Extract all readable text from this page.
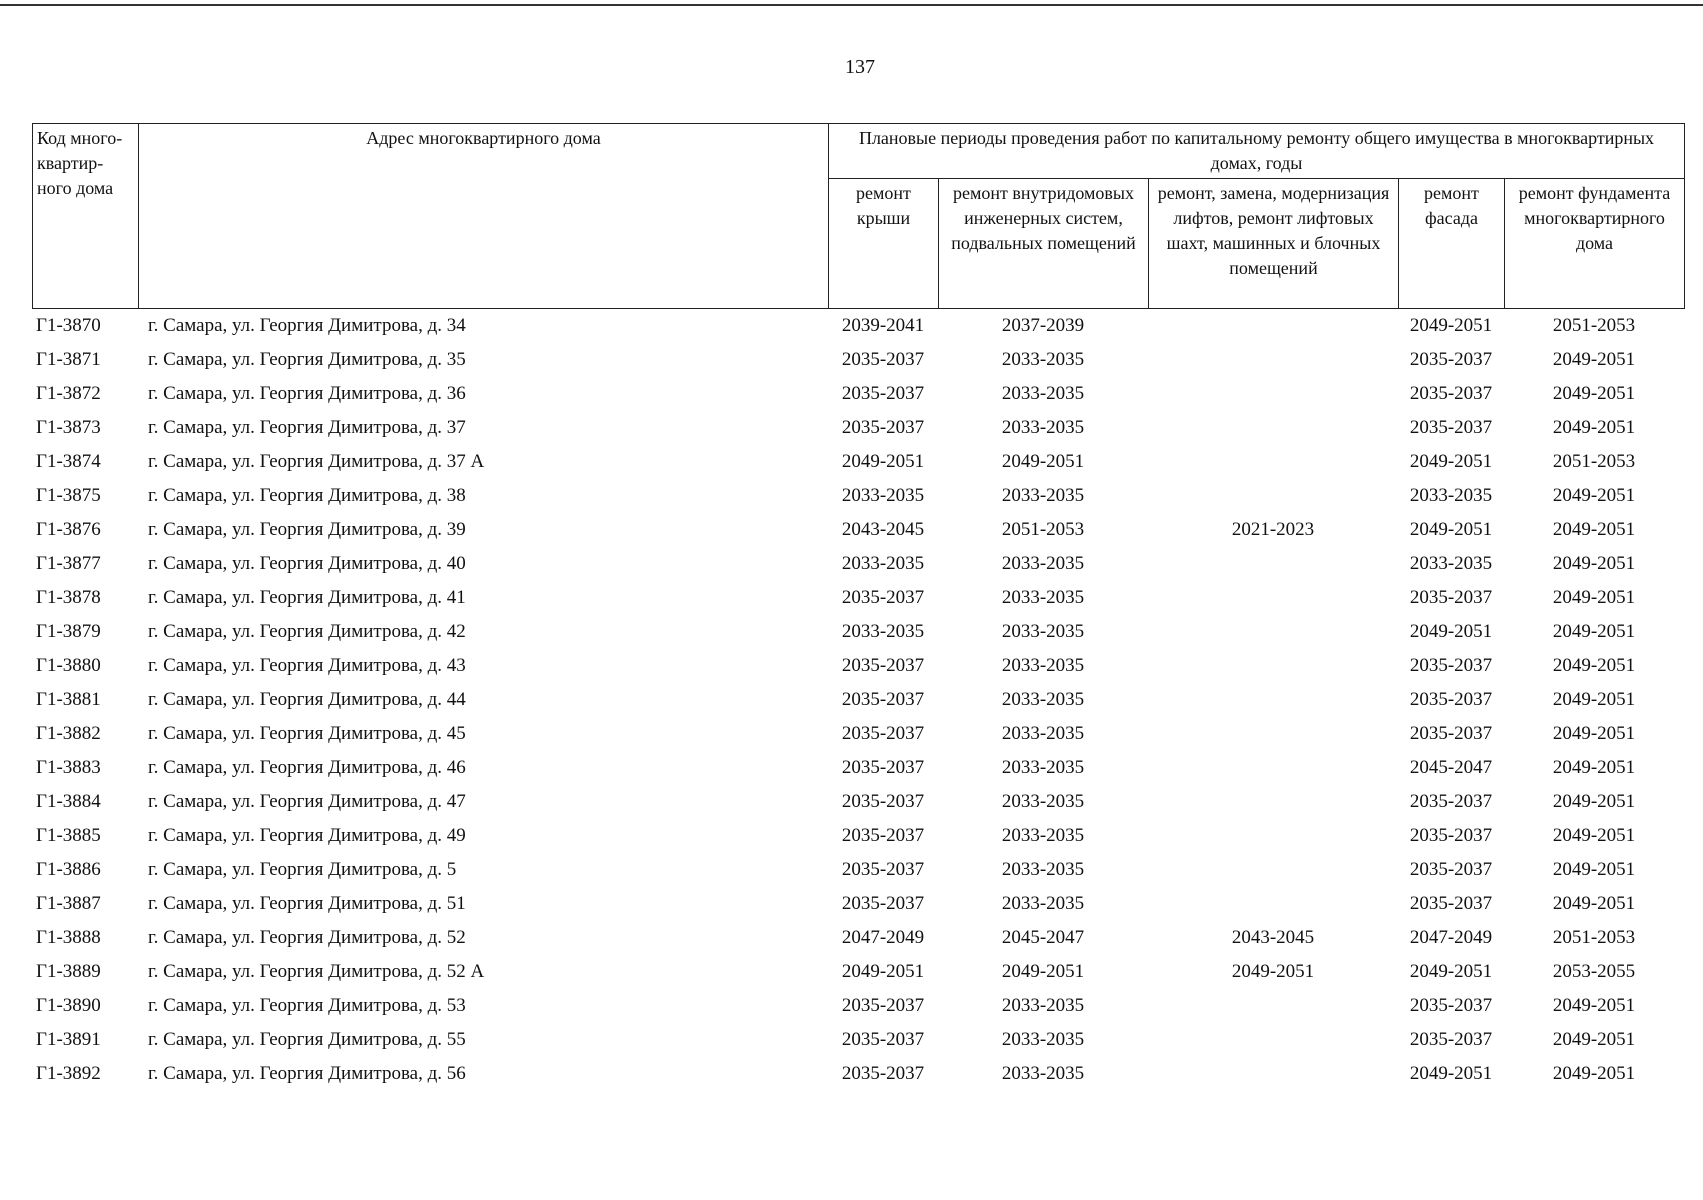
137
Код много-квартир-ного дома	Адрес многоквартирного дома	Плановые периоды проведения работ по капитальному ремонту общего имущества в многоквартирных домах, годы				
		ремонт крыши	ремонт внутридомовых инженерных систем, подвальных помещений	ремонт, замена, модернизация лифтов, ремонт лифтовых шахт, машинных и блочных помещений	ремонт фасада	ремонт фундамента многоквартирного дома
Г1-3870	г. Самара, ул. Георгия Димитрова, д. 34	2039-2041	2037-2039		2049-2051	2051-2053
Г1-3871	г. Самара, ул. Георгия Димитрова, д. 35	2035-2037	2033-2035		2035-2037	2049-2051
Г1-3872	г. Самара, ул. Георгия Димитрова, д. 36	2035-2037	2033-2035		2035-2037	2049-2051
Г1-3873	г. Самара, ул. Георгия Димитрова, д. 37	2035-2037	2033-2035		2035-2037	2049-2051
Г1-3874	г. Самара, ул. Георгия Димитрова, д. 37 А	2049-2051	2049-2051		2049-2051	2051-2053
Г1-3875	г. Самара, ул. Георгия Димитрова, д. 38	2033-2035	2033-2035		2033-2035	2049-2051
Г1-3876	г. Самара, ул. Георгия Димитрова, д. 39	2043-2045	2051-2053	2021-2023	2049-2051	2049-2051
Г1-3877	г. Самара, ул. Георгия Димитрова, д. 40	2033-2035	2033-2035		2033-2035	2049-2051
Г1-3878	г. Самара, ул. Георгия Димитрова, д. 41	2035-2037	2033-2035		2035-2037	2049-2051
Г1-3879	г. Самара, ул. Георгия Димитрова, д. 42	2033-2035	2033-2035		2049-2051	2049-2051
Г1-3880	г. Самара, ул. Георгия Димитрова, д. 43	2035-2037	2033-2035		2035-2037	2049-2051
Г1-3881	г. Самара, ул. Георгия Димитрова, д. 44	2035-2037	2033-2035		2035-2037	2049-2051
Г1-3882	г. Самара, ул. Георгия Димитрова, д. 45	2035-2037	2033-2035		2035-2037	2049-2051
Г1-3883	г. Самара, ул. Георгия Димитрова, д. 46	2035-2037	2033-2035		2045-2047	2049-2051
Г1-3884	г. Самара, ул. Георгия Димитрова, д. 47	2035-2037	2033-2035		2035-2037	2049-2051
Г1-3885	г. Самара, ул. Георгия Димитрова, д. 49	2035-2037	2033-2035		2035-2037	2049-2051
Г1-3886	г. Самара, ул. Георгия Димитрова, д. 5	2035-2037	2033-2035		2035-2037	2049-2051
Г1-3887	г. Самара, ул. Георгия Димитрова, д. 51	2035-2037	2033-2035		2035-2037	2049-2051
Г1-3888	г. Самара, ул. Георгия Димитрова, д. 52	2047-2049	2045-2047	2043-2045	2047-2049	2051-2053
Г1-3889	г. Самара, ул. Георгия Димитрова, д. 52 А	2049-2051	2049-2051	2049-2051	2049-2051	2053-2055
Г1-3890	г. Самара, ул. Георгия Димитрова, д. 53	2035-2037	2033-2035		2035-2037	2049-2051
Г1-3891	г. Самара, ул. Георгия Димитрова, д. 55	2035-2037	2033-2035		2035-2037	2049-2051
Г1-3892	г. Самара, ул. Георгия Димитрова, д. 56	2035-2037	2033-2035		2049-2051	2049-2051
